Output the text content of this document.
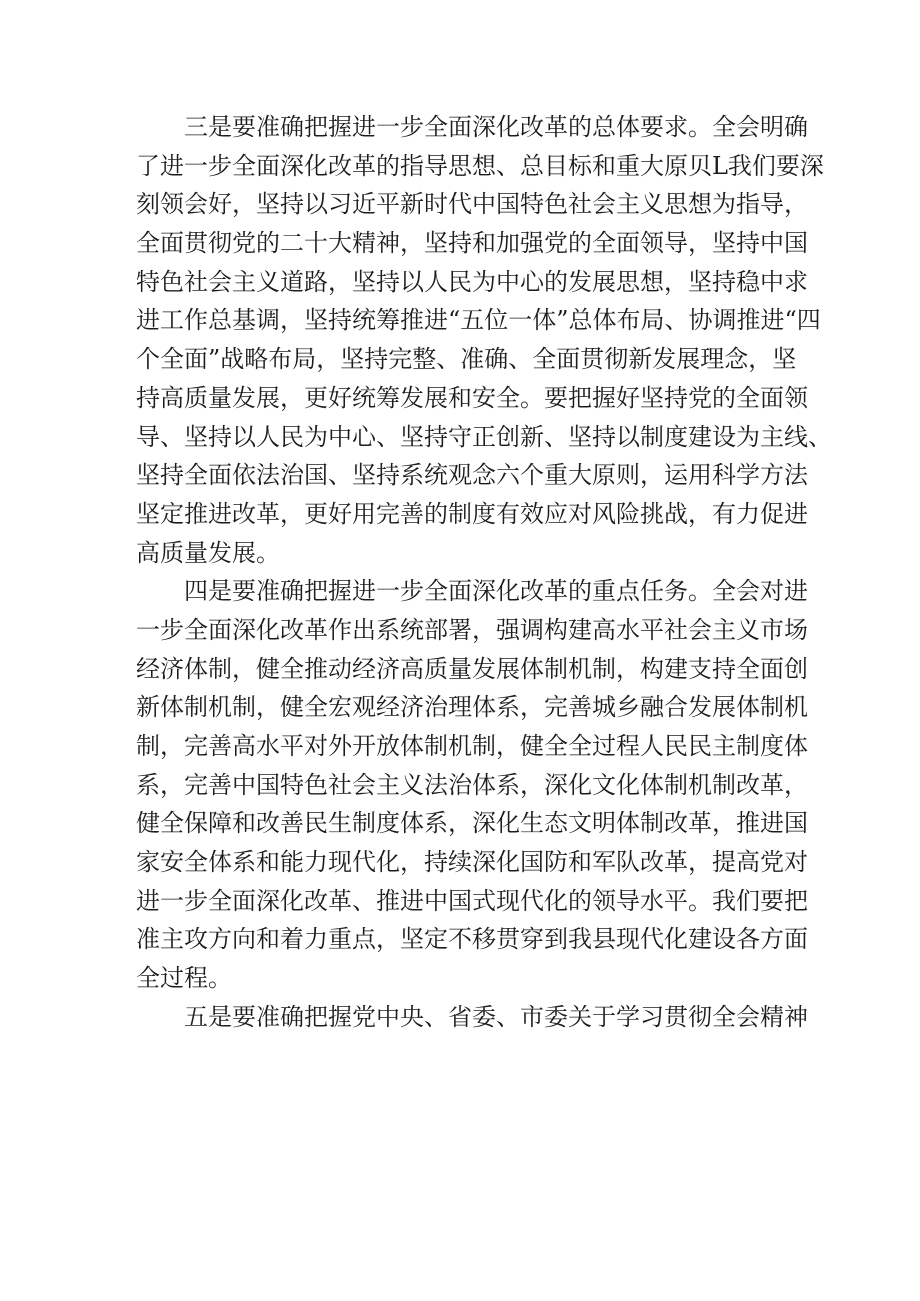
三是要准确把握进一步全面深化改革的总体要求。全会明确
了进一步全面深化改革的指导思想、总目标和重大原贝L我们要深
刻领会好，坚持以习近平新时代中国特色社会主义思想为指导，
全面贯彻党的二十大精神，坚持和加强党的全面领导，坚持中国
特色社会主义道路，坚持以人民为中心的发展思想，坚持稳中求
进工作总基调，坚持统筹推进“五位一体”总体布局、协调推进“四
个全面”战略布局，坚持完整、准确、全面贯彻新发展理念，坚
持高质量发展，更好统筹发展和安全。要把握好坚持党的全面领
导、坚持以人民为中心、坚持守正创新、坚持以制度建设为主线、
坚持全面依法治国、坚持系统观念六个重大原则，运用科学方法
坚定推进改革，更好用完善的制度有效应对风险挑战，有力促进
高质量发展。
四是要准确把握进一步全面深化改革的重点任务。全会对进
一步全面深化改革作出系统部署，强调构建高水平社会主义市场
经济体制，健全推动经济高质量发展体制机制，构建支持全面创
新体制机制，健全宏观经济治理体系，完善城乡融合发展体制机
制，完善高水平对外开放体制机制，健全全过程人民民主制度体
系，完善中国特色社会主义法治体系，深化文化体制机制改革，
健全保障和改善民生制度体系，深化生态文明体制改革，推进国
家安全体系和能力现代化，持续深化国防和军队改革，提高党对
进一步全面深化改革、推进中国式现代化的领导水平。我们要把
准主攻方向和着力重点，坚定不移贯穿到我县现代化建设各方面
全过程。
五是要准确把握党中央、省委、市委关于学习贯彻全会精神
